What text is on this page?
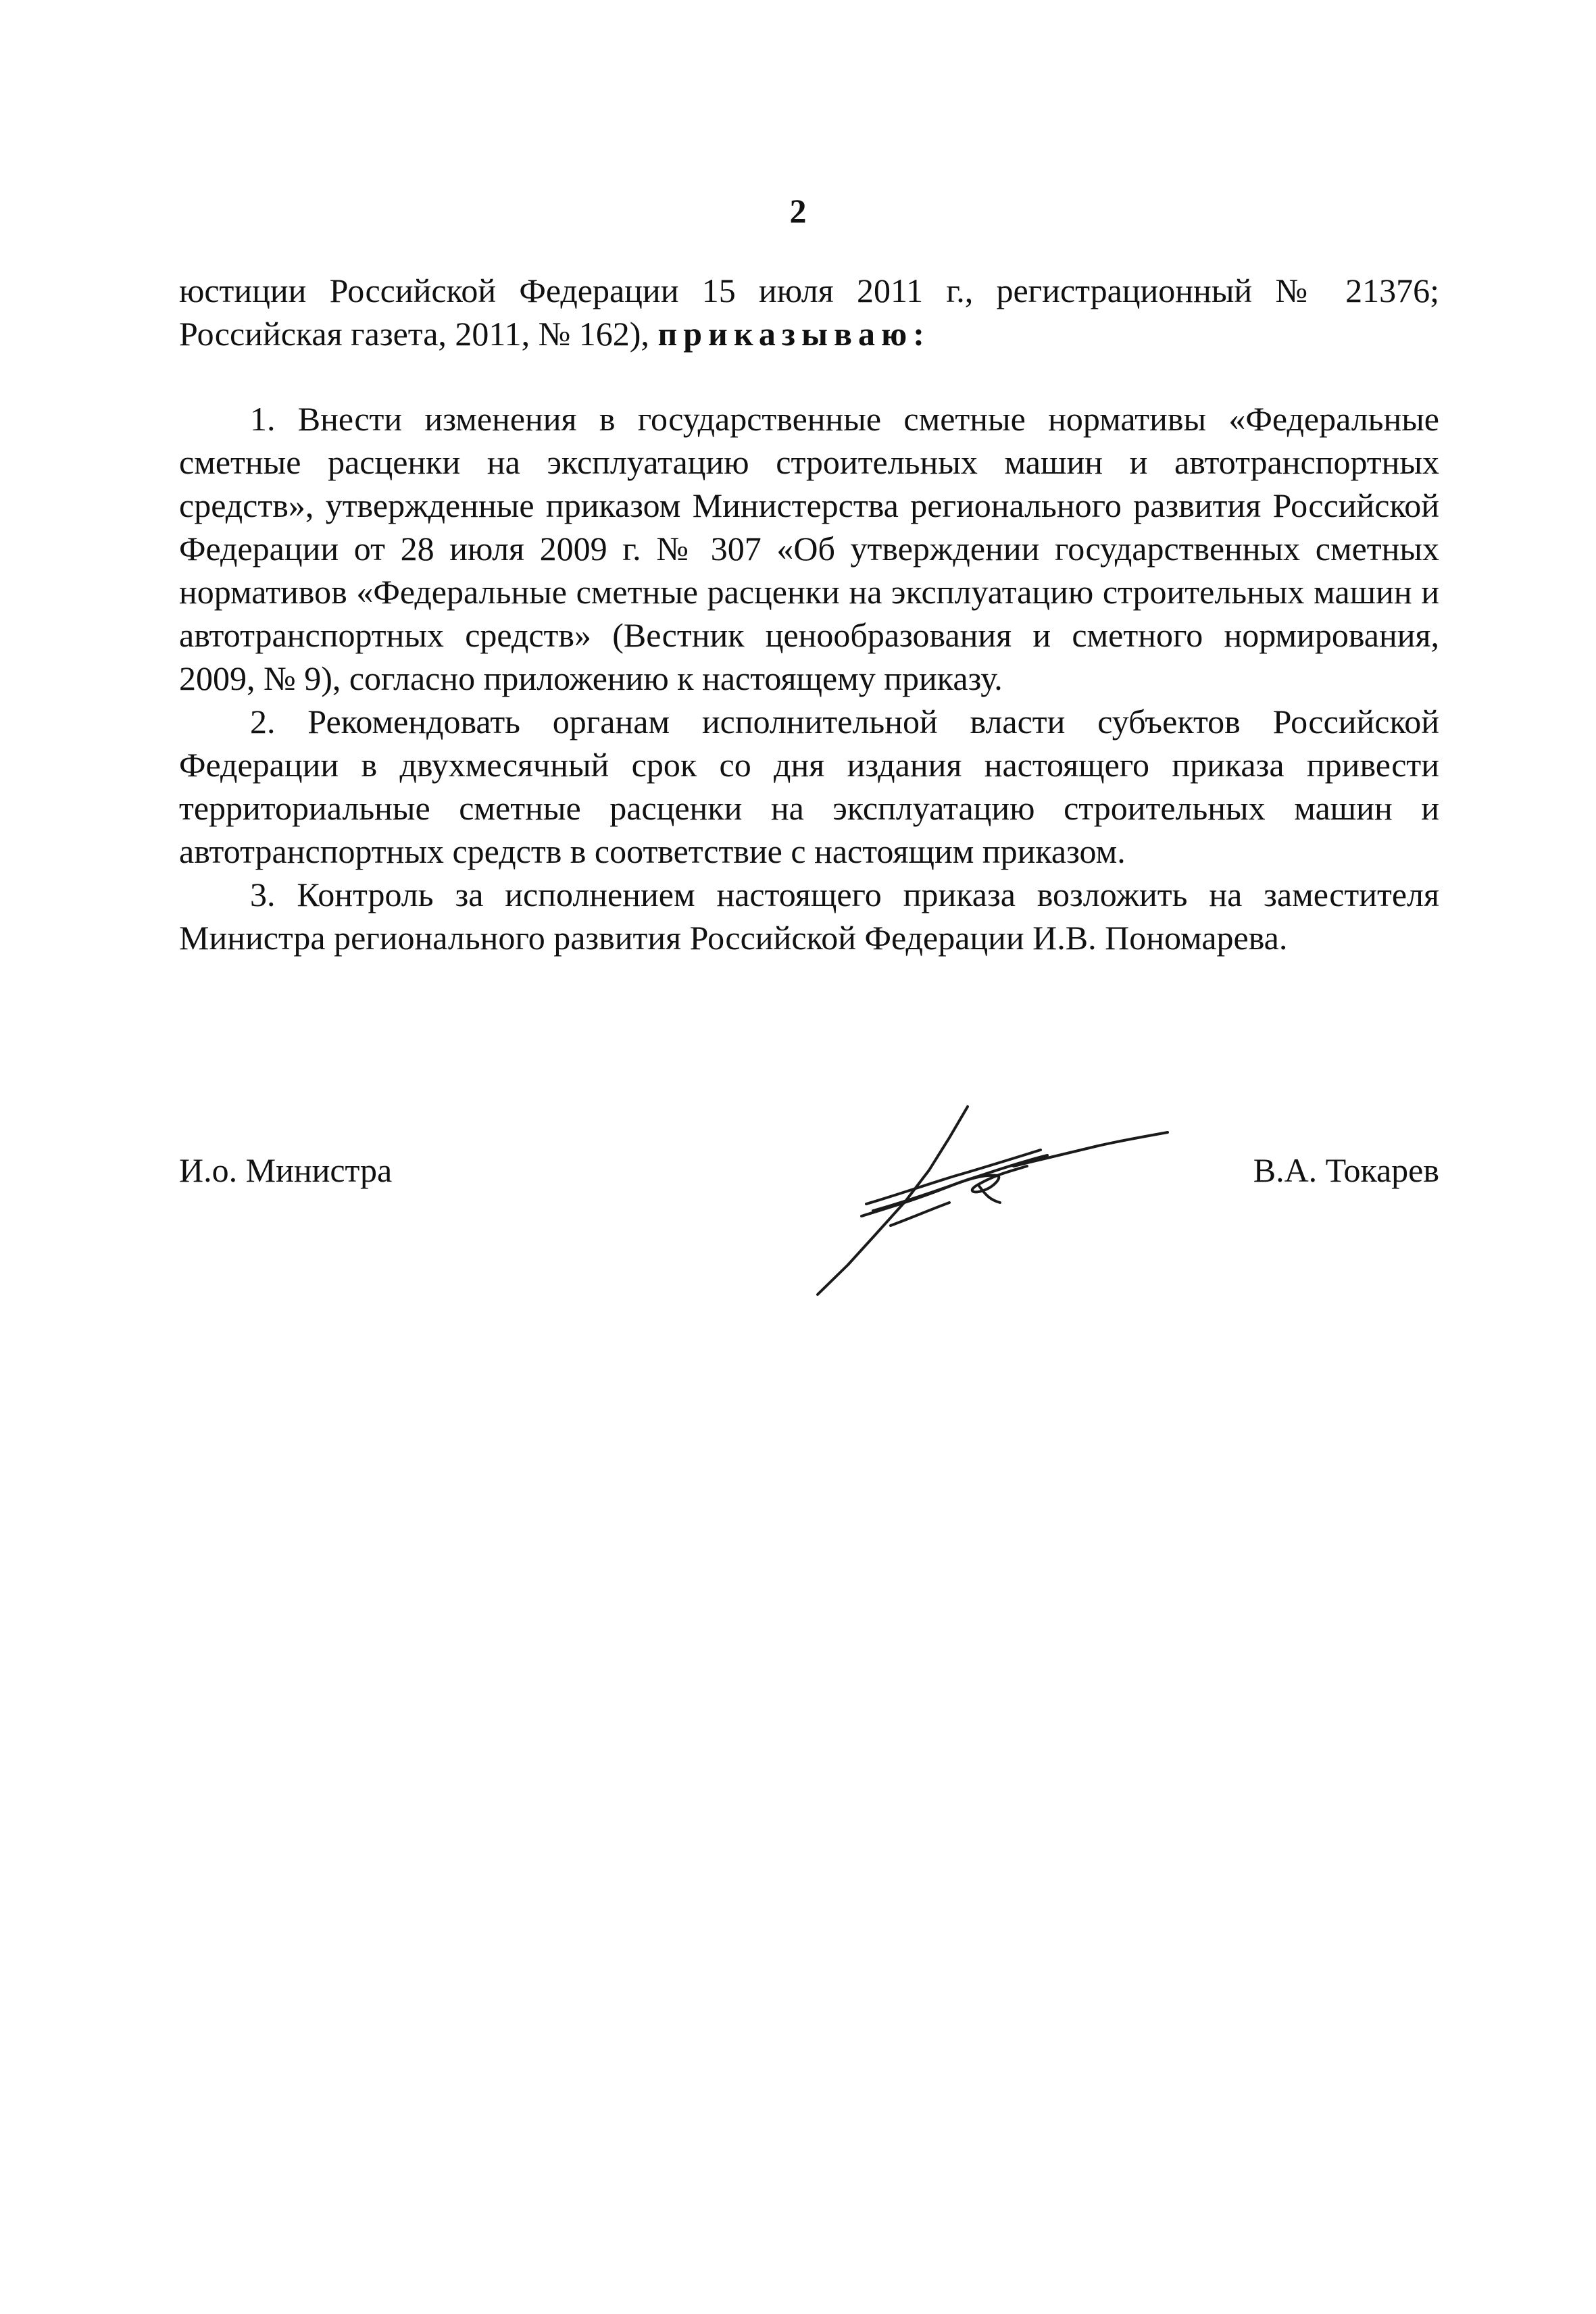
2

юстиции Российской Федерации 15 июля 2011 г., регистрационный № 21376; Российская газета, 2011, № 162), приказываю:

1. Внести изменения в государственные сметные нормативы «Федеральные сметные расценки на эксплуатацию строительных машин и автотранспортных средств», утвержденные приказом Министерства регионального развития Российской Федерации от 28 июля 2009 г. № 307 «Об утверждении государственных сметных нормативов «Федеральные сметные расценки на эксплуатацию строительных машин и автотранспортных средств» (Вестник ценообразования и сметного нормирования, 2009, № 9), согласно приложению к настоящему приказу.

2. Рекомендовать органам исполнительной власти субъектов Российской Федерации в двухмесячный срок со дня издания настоящего приказа привести территориальные сметные расценки на эксплуатацию строительных машин и автотранспортных средств в соответствие с настоящим приказом.

3. Контроль за исполнением настоящего приказа возложить на заместителя Министра регионального развития Российской Федерации И.В. Пономарева.

И.о. Министра	В.А. Токарев
